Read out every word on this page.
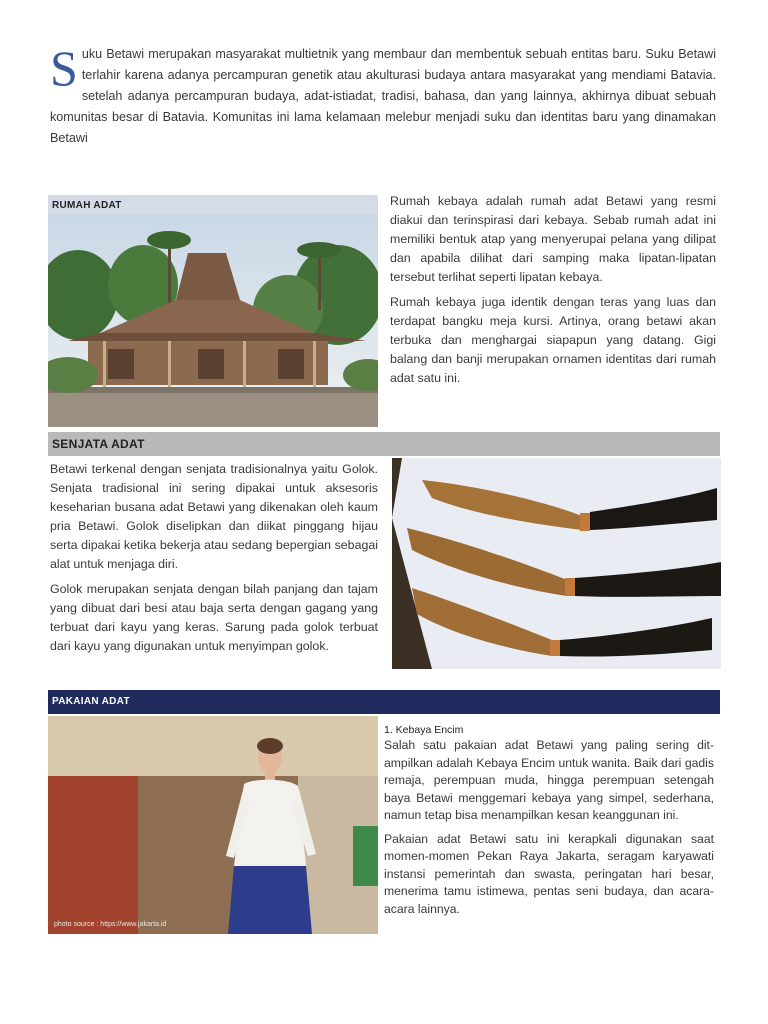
Suku Betawi merupakan masyarakat multietnik yang membaur dan membentuk sebuah entitas baru. Suku Betawi terlahir karena adanya percampuran genetik atau akulturasi budaya antara masyarakat yang mendiami Batavia. setelah adanya percampuran budaya, adat-istiadat, tradisi, bahasa, dan yang lainnya, akhirnya dibuat sebuah komunitas besar di Batavia. Komunitas ini lama kelamaan melebur menjadi suku dan identitas baru yang dinamakan Betawi
RUMAH ADAT	Rumah kebaya adalah rumah adat Betawi yang resmi diakui dan terinspirasi dari kebaya. Sebab rumah adat ini memiliki bentuk atap yang menyerupai pelana yang dilipat dan apabila dilihat dari samping maka lipatan-lipatan tersebut terlihat seperti lipatan kebaya.

Rumah kebaya juga identik dengan teras yang luas dan terdapat bangku meja kursi. Artinya, orang betawi akan terbuka dan menghargai siapapun yang datang. Gigi balang dan banji merupakan ornamen identitas dari rumah adat satu ini.

SENJATA ADAT

Betawi terkenal dengan senjata tradisionalnya yaitu Golok. Senjata tradisional ini sering dipakai untuk aksesoris keseharian busana adat Betawi yang dikenakan oleh kaum pria Betawi. Golok diselipkan dan diikat pinggang hijau serta dipakai ketika bekerja atau sedang bepergian sebagai alat untuk menjaga diri.

Golok merupakan senjata dengan bilah panjang dan tajam yang dibuat dari besi atau baja serta dengan gagang yang terbuat dari kayu yang keras. Sarung pada golok terbuat dari kayu yang digunakan untuk menyimpan golok.

PAKAIAN ADAT
photo source : https://www.jakarta.id
1. Kebaya Encim

Salah satu pakaian adat Betawi yang paling sering dit-ampilkan adalah Kebaya Encim untuk wanita. Baik dari gadis remaja, perempuan muda, hingga perempuan setengah baya Betawi menggemari kebaya yang simpel, sederhana, namun tetap bisa menampilkan kesan keanggunan ini.

Pakaian adat Betawi satu ini kerapkali digunakan saat momen-momen Pekan Raya Jakarta, seragam karyawati instansi pemerintah dan swasta, peringatan hari besar, menerima tamu istimewa, pentas seni budaya, dan acara-acara lainnya.
